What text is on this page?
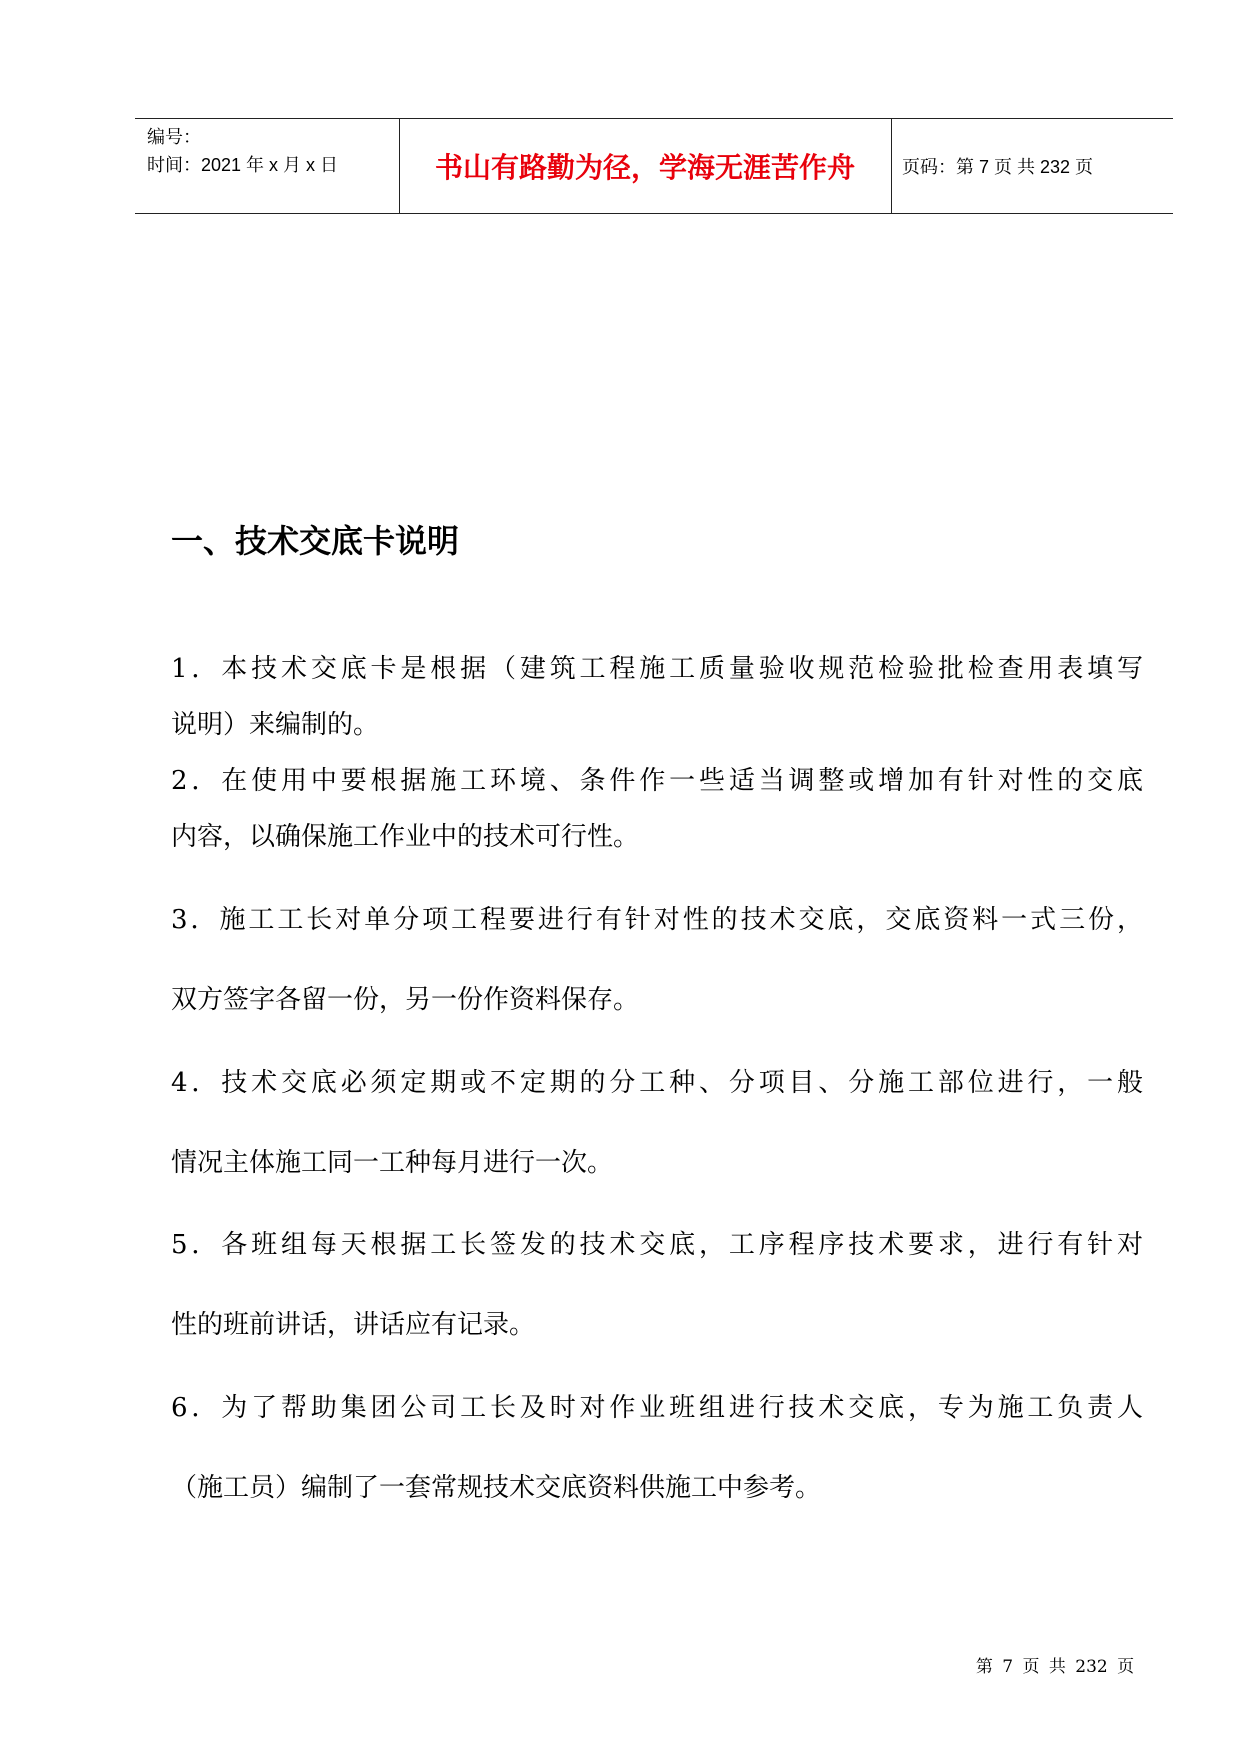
编号：
时间：2021 年 x 月 x 日	书山有路勤为径，学海无涯苦作舟	页码：第 7 页 共 232 页
一、技术交底卡说明

1．本技术交底卡是根据（建筑工程施工质量验收规范检验批检查用表填写

说明）来编制的。

2．在使用中要根据施工环境、条件作一些适当调整或增加有针对性的交底

内容，以确保施工作业中的技术可行性。

3．施工工长对单分项工程要进行有针对性的技术交底，交底资料一式三份，

双方签字各留一份，另一份作资料保存。

4．技术交底必须定期或不定期的分工种、分项目、分施工部位进行，一般

情况主体施工同一工种每月进行一次。

5．各班组每天根据工长签发的技术交底，工序程序技术要求，进行有针对

性的班前讲话，讲话应有记录。

6．为了帮助集团公司工长及时对作业班组进行技术交底，专为施工负责人

（施工员）编制了一套常规技术交底资料供施工中参考。

第 7 页 共 232 页
